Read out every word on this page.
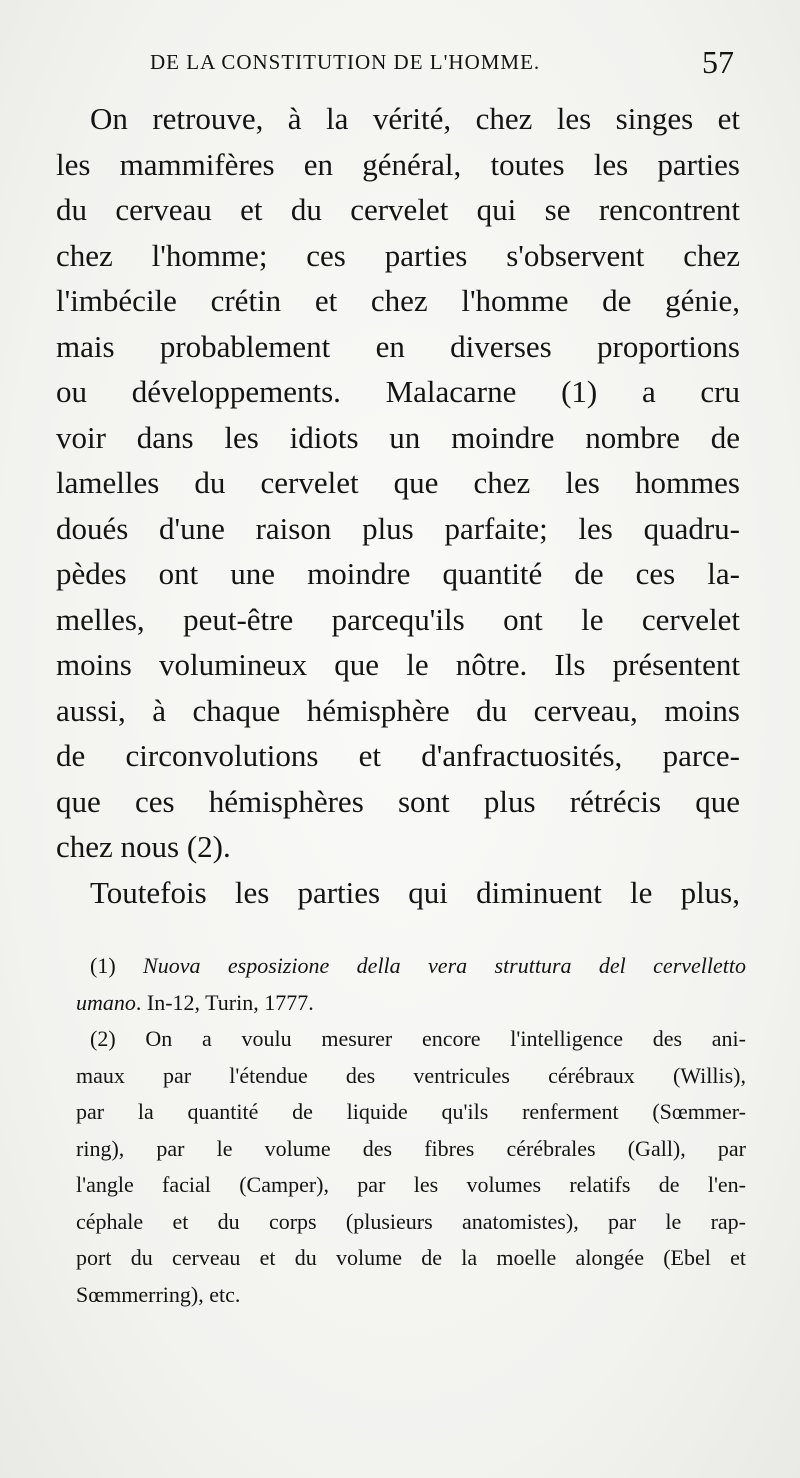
DE LA CONSTITUTION DE L'HOMME.	57
On retrouve, à la vérité, chez les singes et
les mammifères en général, toutes les parties
du cerveau et du cervelet qui se rencontrent
chez l'homme; ces parties s'observent chez
l'imbécile crétin et chez l'homme de génie,
mais probablement en diverses proportions
ou développements. Malacarne (1) a cru
voir dans les idiots un moindre nombre de
lamelles du cervelet que chez les hommes
doués d'une raison plus parfaite; les quadru-
pèdes ont une moindre quantité de ces la-
melles, peut-être parcequ'ils ont le cervelet
moins volumineux que le nôtre. Ils présentent
aussi, à chaque hémisphère du cerveau, moins
de circonvolutions et d'anfractuosités, parce-
que ces hémisphères sont plus rétrécis que
chez nous (2).
Toutefois les parties qui diminuent le plus,
(1) Nuova esposizione della vera struttura del cervelletto
umano. In-12, Turin, 1777.
(2) On a voulu mesurer encore l'intelligence des ani-
maux par l'étendue des ventricules cérébraux (Willis),
par la quantité de liquide qu'ils renferment (Sœmmer-
ring), par le volume des fibres cérébrales (Gall), par
l'angle facial (Camper), par les volumes relatifs de l'en-
céphale et du corps (plusieurs anatomistes), par le rap-
port du cerveau et du volume de la moelle alongée (Ebel et
Sœmmerring), etc.
